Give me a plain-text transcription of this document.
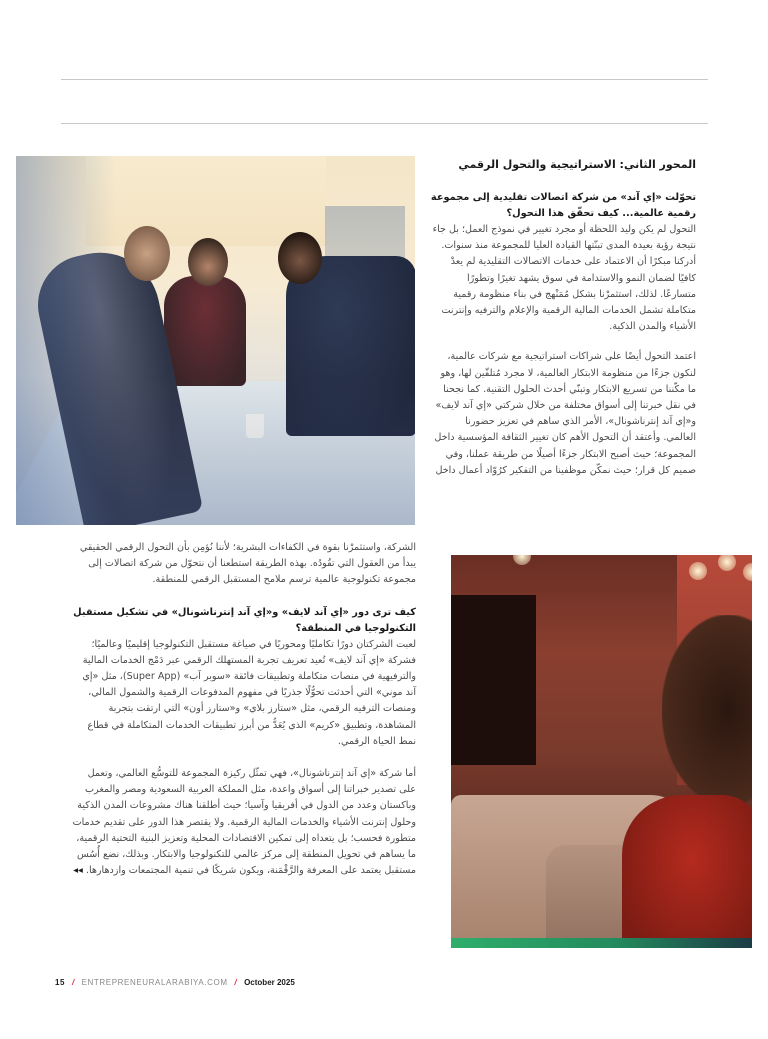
المحور الثاني: الاستراتيجية والتحول الرقمي

تحوّلت «إي آند» من شركة اتصالات تقليدية إلى مجموعة رقمية عالمية... كيف تحقّق هذا التحول؟

التحول لم يكن وليد اللحظة أو مجرد تغيير في نموذج العمل؛ بل جاء نتيجة رؤية بعيدة المدى تبنّتها القيادة العليا للمجموعة منذ سنوات. أدركنا مبكرًا أن الاعتماد على خدمات الاتصالات التقليدية لم يعدْ كافيًا لضمان النمو والاستدامة في سوق يشهد تغيرًا وتطورًا متسارعًا. لذلك، استثمرْنا بشكل مُمَنْهج في بناء منظومة رقمية متكاملة تشمل الخدمات المالية الرقمية والإعلام والترفيه وإنترنت الأشياء والمدن الذكية.

اعتمد التحول أيضًا على شراكات استراتيجية مع شركات عالمية، لنكون جزءًا من منظومة الابتكار العالمية، لا مجرد مُتلقّين لها، وهو ما مكّننا من تسريع الابتكار وتبنّي أحدث الحلول التقنية. كما نجحنا في نقل خبرتنا إلى أسواق مختلفة من خلال شركتي «إي آند لايف» و«إي آند إنترناشونال»، الأمر الذي ساهم في تعزيز حضورنا العالمي. وأعتقد أن التحول الأهم كان تغيير الثقافة المؤسسية داخل المجموعة؛ حيث أصبح الابتكار جزءًا أصيلًا من طريقة عملنا، وفي صميم كل قرار؛ حيث نمكّن موظفينا من التفكير كرُوّاد أعمال داخل

الشركة، واستثمرْنا بقوة في الكفاءات البشرية؛ لأننا نُؤمِن بأن التحول الرقمي الحقيقي يبدأ من العقول التي تقُودُه. بهذه الطريقة استطعنا أن نتحوّل من شركة اتصالات إلى مجموعة تكنولوجية عالمية ترسم ملامح المستقبل الرقمي للمنطقة.

كيف ترى دور «إي آند لايف» و«إي آند إنترناشونال» في تشكيل مستقبل التكنولوجيا في المنطقة؟

لعبت الشركتان دورًا تكامليًا ومحوريًا في صياغة مستقبل التكنولوجيا إقليميًا وعالميًا؛ فشركة «إي آند لايف» تُعيد تعريف تجربة المستهلك الرقمي عبر دَمْج الخدمات المالية والترفيهية في منصات متكاملة وتطبيقات فائقة «سوبر آب» (Super App)، مثل «إي آند موني» التي أحدثت تحوُّلًا جذريًا في مفهوم المدفوعات الرقمية والشمول المالي، ومنصات الترفيه الرقمي، مثل «ستارز بلاي» و«ستارز أون» التي ارتقت بتجربة المشاهدة، وتطبيق «كريم» الذي يُعَدُّ من أبرز تطبيقات الخدمات المتكاملة في قطاع نمط الحياة الرقمي.

أما شركة «إي آند إنترناشونال»، فهي تمثّل ركيزة المجموعة للتوسُّع العالمي، وتعمل على تصدير خبراتنا إلى أسواق واعدة، مثل المملكة العربية السعودية ومصر والمغرب وباكستان وعدد من الدول في أفريقيا وآسيا؛ حيث أطلقنا هناك مشروعات المدن الذكية وحلول إنترنت الأشياء والخدمات المالية الرقمية. ولا يقتصر هذا الدور على تقديم خدمات متطورة فحسب؛ بل يتعداه إلى تمكين الاقتصادات المحلية وتعزيز البنية التحتية الرقمية، ما يساهم في تحويل المنطقة إلى مركز عالمي للتكنولوجيا والابتكار. وبذلك، نضع أُسُس مستقبل يعتمد على المعرفة والرَّقْمَنة، ويكون شريكًا في تنمية المجتمعات وازدهارها. ◂◂

15 / ENTREPRENEURALARABIYA.COM / October 2025
